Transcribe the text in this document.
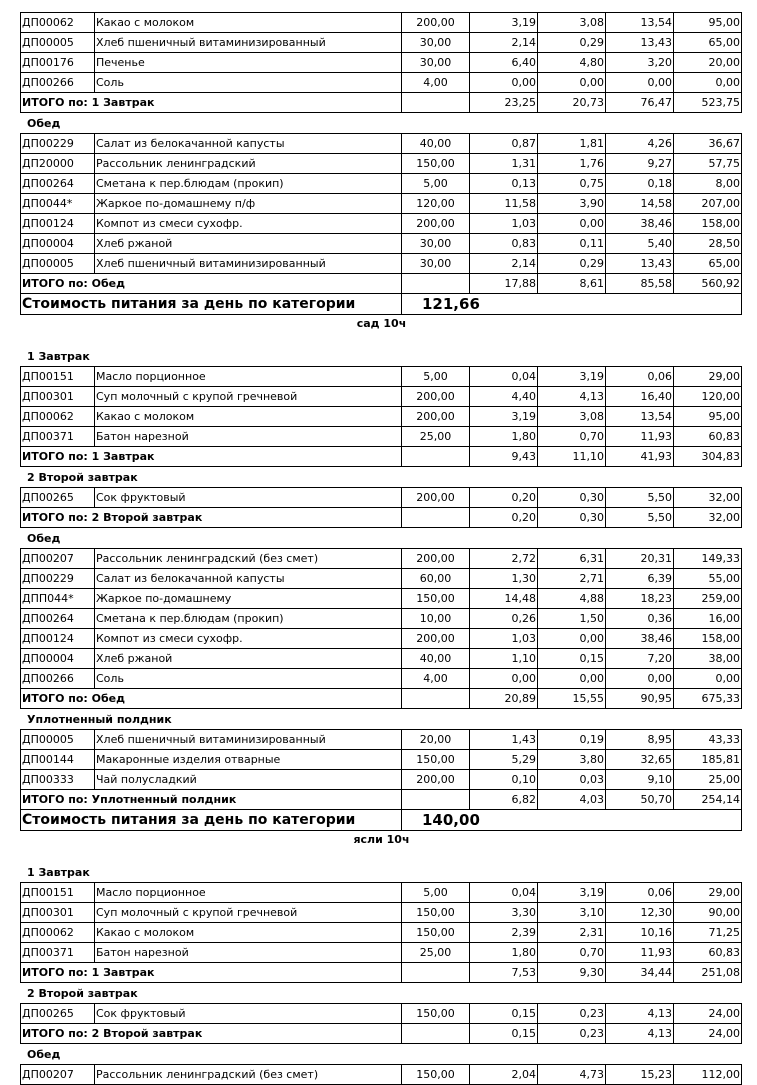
ДП00062	Какао с молоком	200,00	3,19	3,08	13,54	95,00
ДП00005	Хлеб пшеничный витаминизированный	30,00	2,14	0,29	13,43	65,00
ДП00176	Печенье	30,00	6,40	4,80	3,20	20,00
ДП00266	Соль	4,00	0,00	0,00	0,00	0,00
ИТОГО по: 1 Завтрак			23,25	20,73	76,47	523,75
Обед
ДП00229	Салат из белокачанной капусты	40,00	0,87	1,81	4,26	36,67
ДП20000	Рассольник ленинградский	150,00	1,31	1,76	9,27	57,75
ДП00264	Сметана к пер.блюдам (прокип)	5,00	0,13	0,75	0,18	8,00
ДП0044*	Жаркое по-домашнему п/ф	120,00	11,58	3,90	14,58	207,00
ДП00124	Компот из смеси сухофр.	200,00	1,03	0,00	38,46	158,00
ДП00004	Хлеб ржаной	30,00	0,83	0,11	5,40	28,50
ДП00005	Хлеб пшеничный витаминизированный	30,00	2,14	0,29	13,43	65,00
ИТОГО по: Обед			17,88	8,61	85,58	560,92
Стоимость питания за день по категории		121,66				
сад 10ч
1 Завтрак
ДП00151	Масло порционное	5,00	0,04	3,19	0,06	29,00
ДП00301	Суп молочный с крупой гречневой	200,00	4,40	4,13	16,40	120,00
ДП00062	Какао с молоком	200,00	3,19	3,08	13,54	95,00
ДП00371	Батон нарезной	25,00	1,80	0,70	11,93	60,83
ИТОГО по: 1 Завтрак			9,43	11,10	41,93	304,83
2 Второй завтрак
ДП00265	Сок фруктовый	200,00	0,20	0,30	5,50	32,00
ИТОГО по: 2 Второй завтрак			0,20	0,30	5,50	32,00
Обед
ДП00207	Рассольник ленинградский (без смет)	200,00	2,72	6,31	20,31	149,33
ДП00229	Салат из белокачанной капусты	60,00	1,30	2,71	6,39	55,00
ДПП044*	Жаркое по-домашнему	150,00	14,48	4,88	18,23	259,00
ДП00264	Сметана к пер.блюдам (прокип)	10,00	0,26	1,50	0,36	16,00
ДП00124	Компот из смеси сухофр.	200,00	1,03	0,00	38,46	158,00
ДП00004	Хлеб ржаной	40,00	1,10	0,15	7,20	38,00
ДП00266	Соль	4,00	0,00	0,00	0,00	0,00
ИТОГО по: Обед			20,89	15,55	90,95	675,33
Уплотненный полдник
ДП00005	Хлеб пшеничный витаминизированный	20,00	1,43	0,19	8,95	43,33
ДП00144	Макаронные изделия отварные	150,00	5,29	3,80	32,65	185,81
ДП00333	Чай полусладкий	200,00	0,10	0,03	9,10	25,00
ИТОГО по: Уплотненный полдник			6,82	4,03	50,70	254,14
Стоимость питания за день по категории		140,00				
ясли 10ч
1 Завтрак
ДП00151	Масло порционное	5,00	0,04	3,19	0,06	29,00
ДП00301	Суп молочный с крупой гречневой	150,00	3,30	3,10	12,30	90,00
ДП00062	Какао с молоком	150,00	2,39	2,31	10,16	71,25
ДП00371	Батон нарезной	25,00	1,80	0,70	11,93	60,83
ИТОГО по: 1 Завтрак			7,53	9,30	34,44	251,08
2 Второй завтрак
ДП00265	Сок фруктовый	150,00	0,15	0,23	4,13	24,00
ИТОГО по: 2 Второй завтрак			0,15	0,23	4,13	24,00
Обед
ДП00207	Рассольник ленинградский (без смет)	150,00	2,04	4,73	15,23	112,00
